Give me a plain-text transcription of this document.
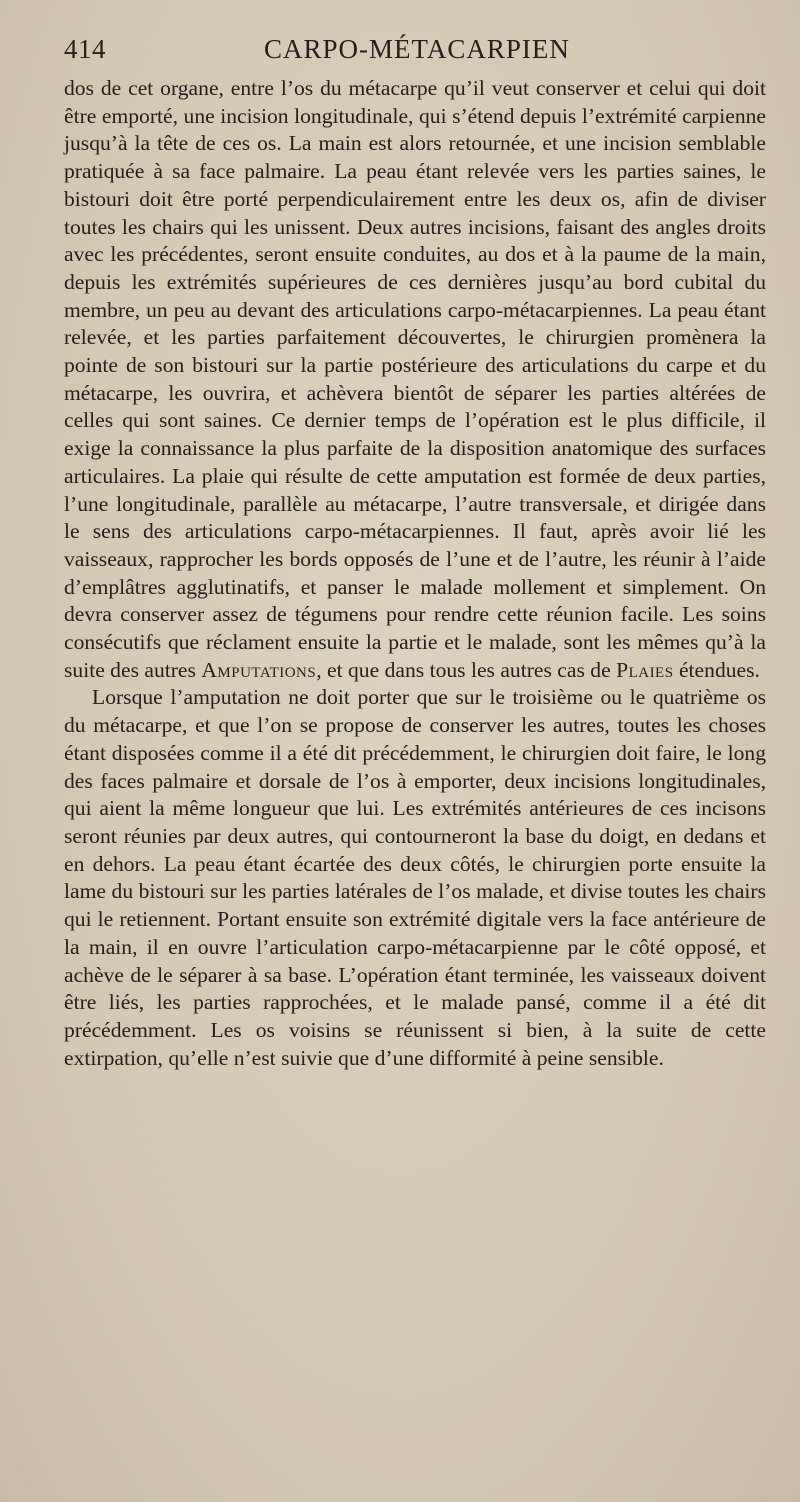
414	CARPO-MÉTACARPIEN

dos de cet organe, entre l’os du métacarpe qu’il veut conserver et celui qui doit être emporté, une incision longitudinale, qui s’étend depuis l’extrémité carpienne jusqu’à la tête de ces os. La main est alors retournée, et une incision semblable pratiquée à sa face palmaire. La peau étant relevée vers les parties saines, le bistouri doit être porté perpendiculairement entre les deux os, afin de diviser toutes les chairs qui les unissent. Deux autres incisions, faisant des angles droits avec les précédentes, seront ensuite conduites, au dos et à la paume de la main, depuis les extrémités supérieures de ces dernières jusqu’au bord cubital du membre, un peu au devant des articulations carpo-métacarpiennes. La peau étant relevée, et les parties parfaitement découvertes, le chirurgien promènera la pointe de son bistouri sur la partie postérieure des articulations du carpe et du métacarpe, les ouvrira, et achèvera bientôt de séparer les parties altérées de celles qui sont saines. Ce dernier temps de l’opération est le plus difficile, il exige la connaissance la plus parfaite de la disposition anatomique des surfaces articulaires. La plaie qui résulte de cette amputation est formée de deux parties, l’une longitudinale, parallèle au métacarpe, l’autre transversale, et dirigée dans le sens des articulations carpo-métacarpiennes. Il faut, après avoir lié les vaisseaux, rapprocher les bords opposés de l’une et de l’autre, les réunir à l’aide d’emplâtres agglutinatifs, et panser le malade mollement et simplement. On devra conserver assez de tégumens pour rendre cette réunion facile. Les soins consécutifs que réclament ensuite la partie et le malade, sont les mêmes qu’à la suite des autres Amputations, et que dans tous les autres cas de Plaies étendues.

Lorsque l’amputation ne doit porter que sur le troisième ou le quatrième os du métacarpe, et que l’on se propose de conserver les autres, toutes les choses étant disposées comme il a été dit précédemment, le chirurgien doit faire, le long des faces palmaire et dorsale de l’os à emporter, deux incisions longitudinales, qui aient la même longueur que lui. Les extrémités antérieures de ces incisons seront réunies par deux autres, qui contourneront la base du doigt, en dedans et en dehors. La peau étant écartée des deux côtés, le chirurgien porte ensuite la lame du bistouri sur les parties latérales de l’os malade, et divise toutes les chairs qui le retiennent. Portant ensuite son extrémité digitale vers la face antérieure de la main, il en ouvre l’articulation carpo-métacarpienne par le côté opposé, et achève de le séparer à sa base. L’opération étant terminée, les vaisseaux doivent être liés, les parties rapprochées, et le malade pansé, comme il a été dit précédemment. Les os voisins se réunissent si bien, à la suite de cette extirpation, qu’elle n’est suivie que d’une difformité à peine sensible.
